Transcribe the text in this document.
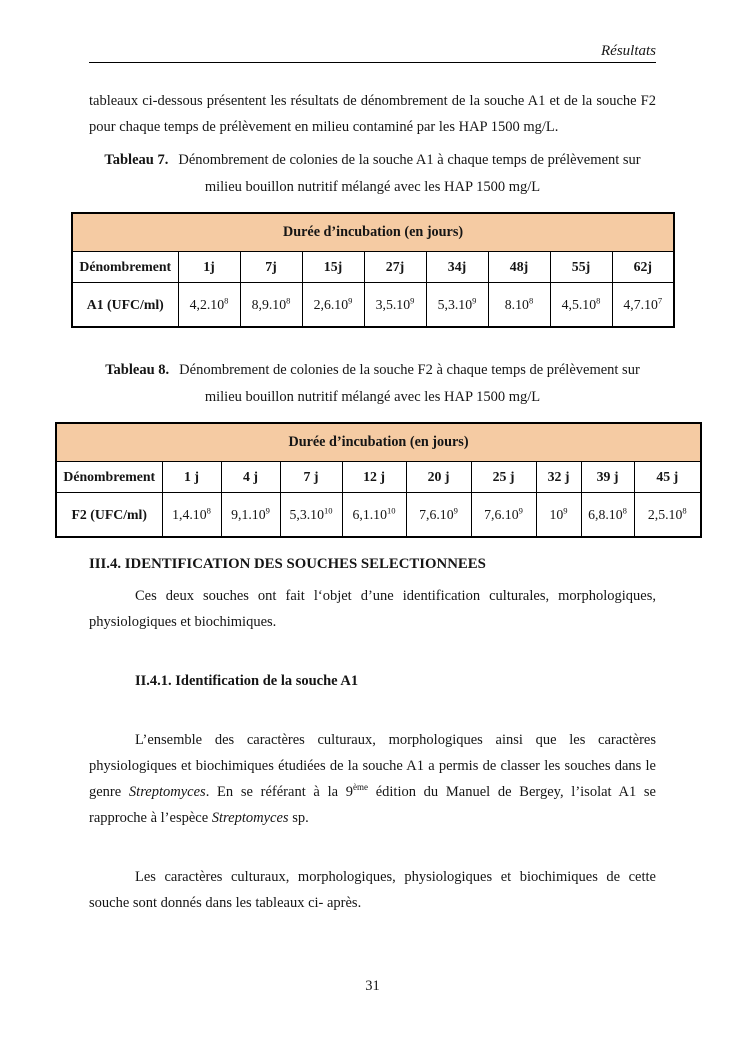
Résultats

tableaux ci-dessous présentent les résultats de dénombrement de la souche A1 et de la souche F2 pour chaque temps de prélèvement en milieu contaminé par les HAP 1500 mg/L.

Tableau 7. Dénombrement de colonies de la souche A1 à chaque temps de prélèvement sur milieu bouillon nutritif mélangé avec les HAP 1500 mg/L
Durée d’incubation (en jours)								
Dénombrement	1j	7j	15j	27j	34j	48j	55j	62j
A1 (UFC/ml)	4,2.10$^8$	8,9.10$^8$	2,6.10$^9$	3,5.10$^9$	5,3.10$^9$	8.10$^8$	4,5.10$^8$	4,7.10$^7$
Tableau 8. Dénombrement de colonies de la souche F2 à chaque temps de prélèvement sur milieu bouillon nutritif mélangé avec les HAP 1500 mg/L
Durée d’incubation (en jours)									
Dénombrement	1 j	4 j	7 j	12 j	20 j	25 j	32 j	39 j	45 j
F2 (UFC/ml)	1,4.10$^8$	9,1.10$^9$	5,3.10$^{10}$	6,1.10$^{10}$	7,6.10$^9$	7,6.10$^9$	$10^9$	6,8.10$^8$	2,5.10$^8$

III.4. IDENTIFICATION DES SOUCHES SELECTIONNEES

Ces deux souches ont fait l‘objet d’une identification culturales, morphologiques, physiologiques et biochimiques.

II.4.1. Identification de la souche A1

L’ensemble des caractères culturaux, morphologiques ainsi que les caractères physiologiques et biochimiques étudiées de la souche A1 a permis de classer les souches dans le genre Streptomyces. En se référant à la 9ème édition du Manuel de Bergey, l’isolat A1 se rapproche à l’espèce Streptomyces sp.

Les caractères culturaux, morphologiques, physiologiques et biochimiques de cette souche sont donnés dans les tableaux ci- après.

31
